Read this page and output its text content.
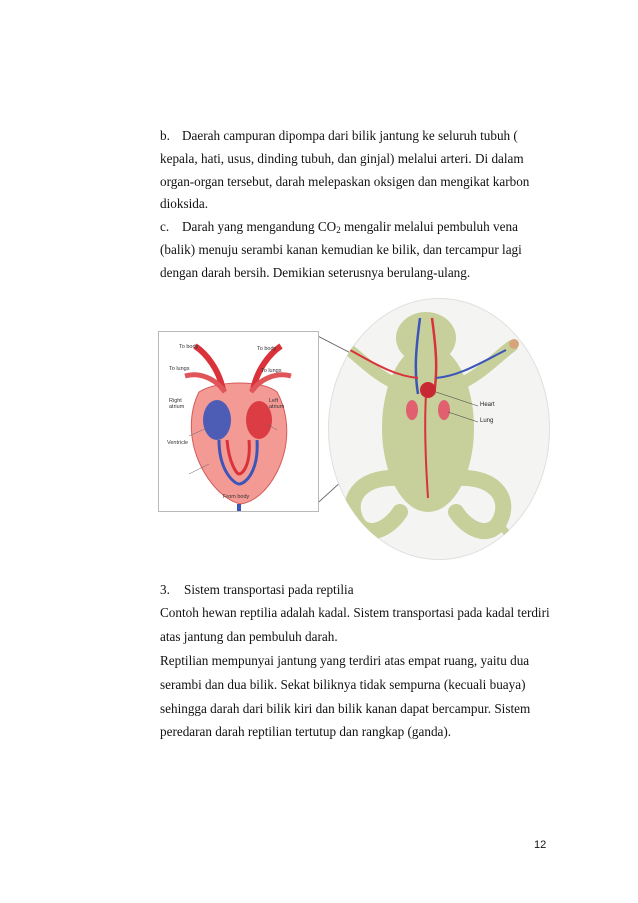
b. Daerah campuran dipompa dari bilik jantung ke seluruh tubuh (
kepala, hati, usus, dinding tubuh, dan ginjal) melalui arteri. Di dalam
organ-organ tersebut, darah melepaskan oksigen dan mengikat karbon
dioksida.
c. Darah yang mengandung $CO_2$ mengalir melalui pembuluh vena
(balik) menuju serambi kanan kemudian ke bilik, dan tercampur lagi
dengan darah bersih. Demikian seterusnya berulang-ulang.
To body	To body
To lungs	To lungs
Right atrium
Left atrium
Ventricle
From body
Heart
Lung
3. Sistem transportasi pada reptilia
Contoh hewan reptilia adalah kadal. Sistem transportasi pada kadal terdiri
atas jantung dan pembuluh darah.
Reptilian mempunyai jantung yang terdiri atas empat ruang, yaitu dua
serambi dan dua bilik. Sekat biliknya tidak sempurna (kecuali buaya)
sehingga darah dari bilik kiri dan bilik kanan dapat bercampur. Sistem
peredaran darah reptilian tertutup dan rangkap (ganda).
12
